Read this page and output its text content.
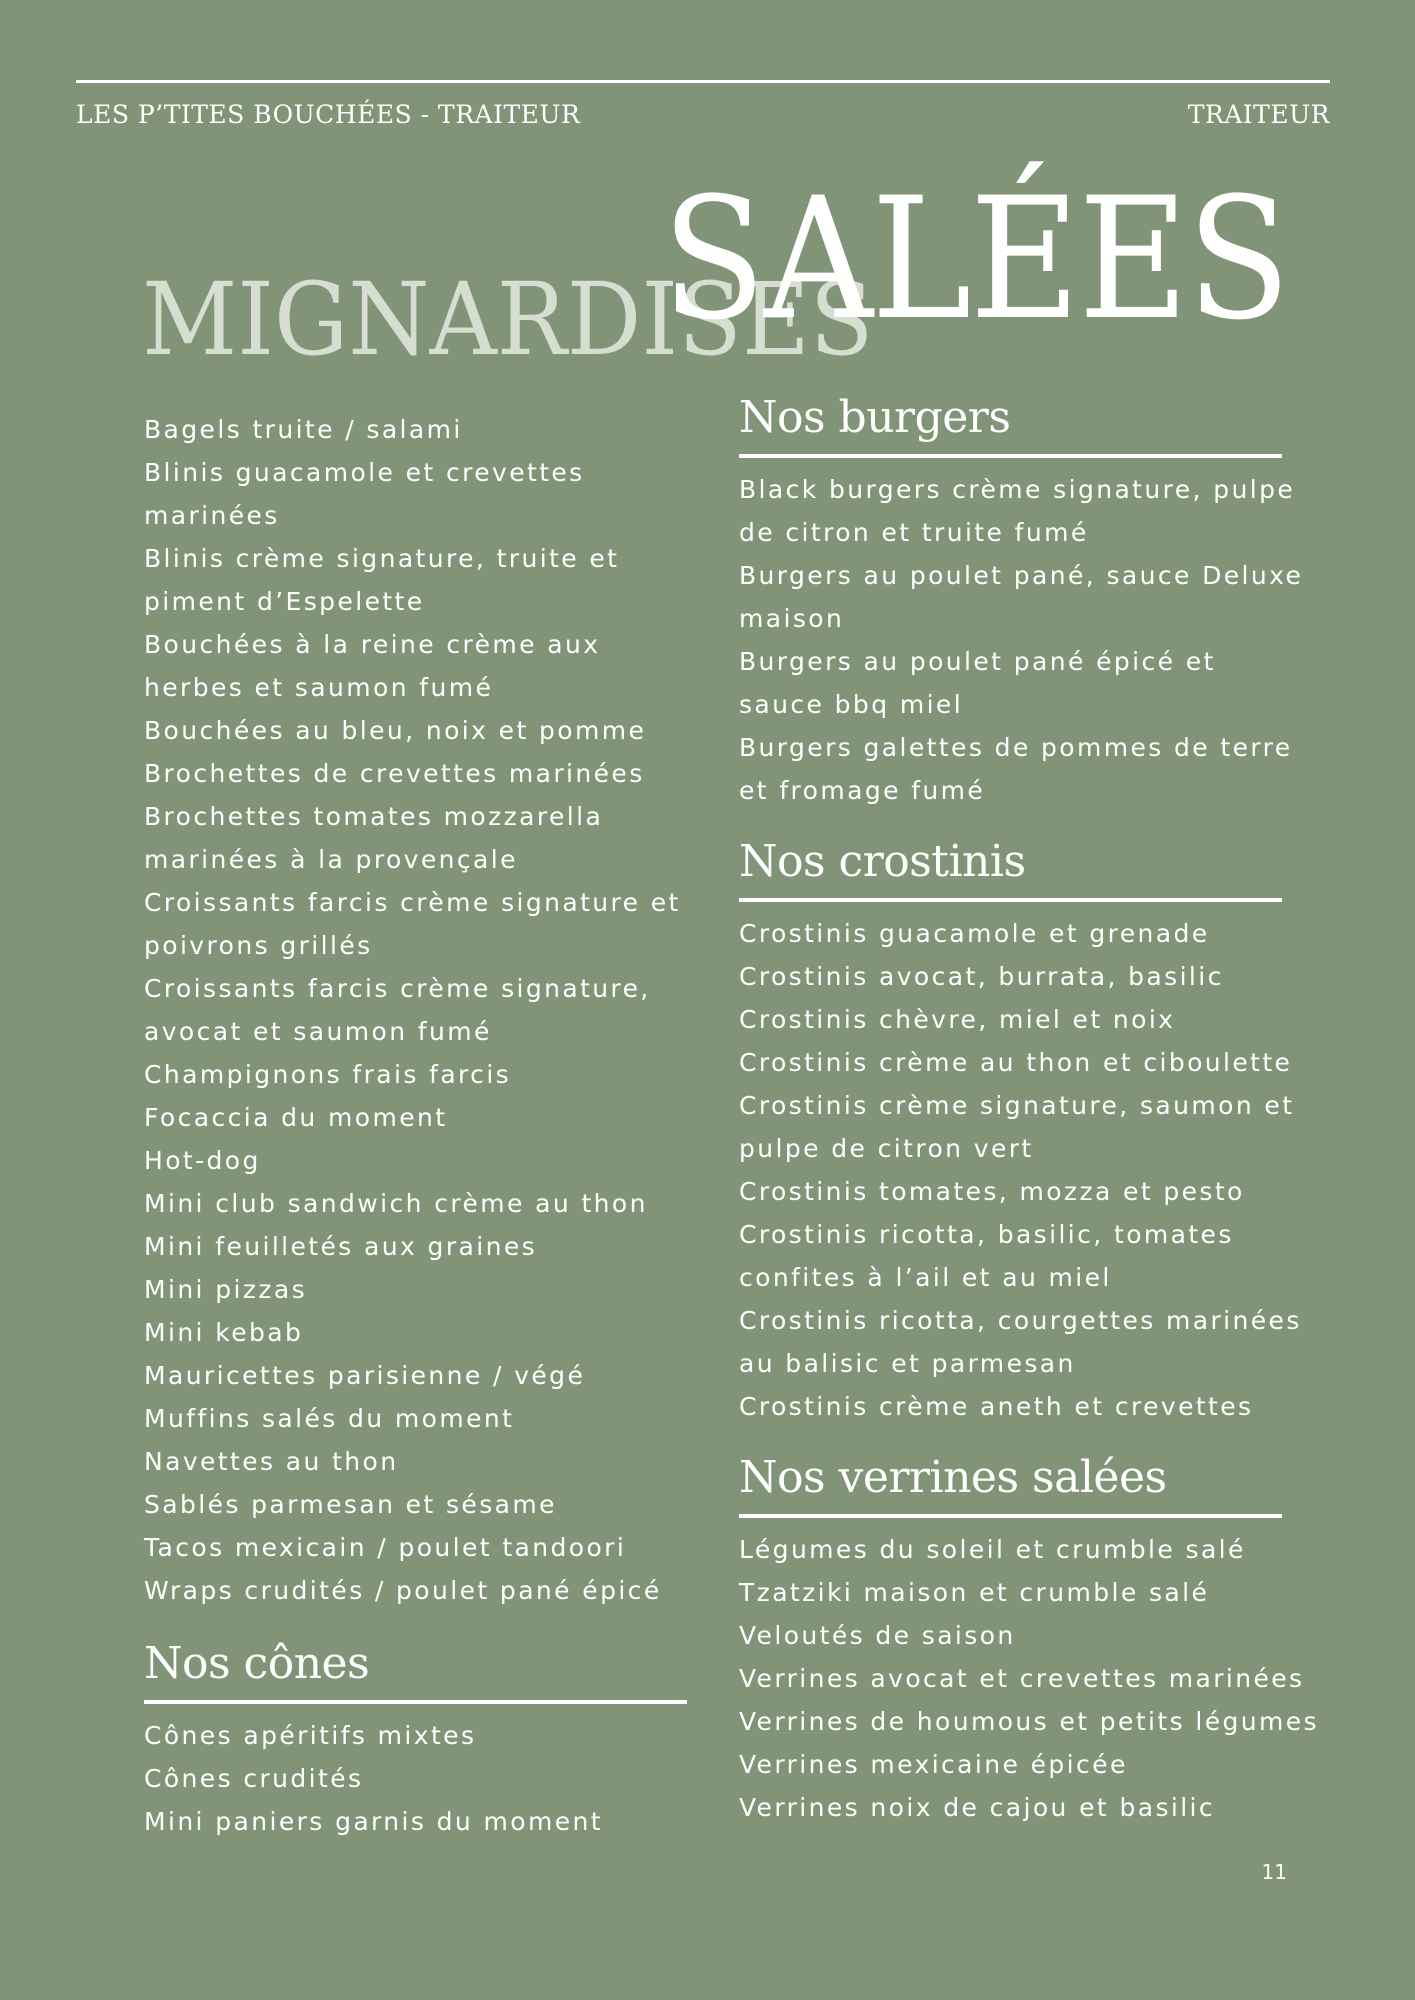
LES P’TITES BOUCHÉES - TRAITEUR	TRAITEUR
MIGNARDISES
SALÉES
Bagels truite / salami
Blinis guacamole et crevettes
marinées
Blinis crème signature, truite et
piment d’Espelette
Bouchées à la reine crème aux
herbes et saumon fumé
Bouchées au bleu, noix et pomme
Brochettes de crevettes marinées
Brochettes tomates mozzarella
marinées à la provençale
Croissants farcis crème signature et
poivrons grillés
Croissants farcis crème signature,
avocat et saumon fumé
Champignons frais farcis
Focaccia du moment
Hot-dog
Mini club sandwich crème au thon
Mini feuilletés aux graines
Mini pizzas
Mini kebab
Mauricettes parisienne / végé
Muffins salés du moment
Navettes au thon
Sablés parmesan et sésame
Tacos mexicain / poulet tandoori
Wraps crudités / poulet pané épicé
Nos cônes
Cônes apéritifs mixtes
Cônes crudités
Mini paniers garnis du moment
Nos burgers
Black burgers crème signature, pulpe
de citron et truite fumé
Burgers au poulet pané, sauce Deluxe
maison
Burgers au poulet pané épicé et
sauce bbq miel
Burgers galettes de pommes de terre
et fromage fumé
Nos crostinis
Crostinis guacamole et grenade
Crostinis avocat, burrata, basilic
Crostinis chèvre, miel et noix
Crostinis crème au thon et ciboulette
Crostinis crème signature, saumon et
pulpe de citron vert
Crostinis tomates, mozza et pesto
Crostinis ricotta, basilic, tomates
confites à l’ail et au miel
Crostinis ricotta, courgettes marinées
au balisic et parmesan
Crostinis crème aneth et crevettes
Nos verrines salées
Légumes du soleil et crumble salé
Tzatziki maison et crumble salé
Veloutés de saison
Verrines avocat et crevettes marinées
Verrines de houmous et petits légumes
Verrines mexicaine épicée
Verrines noix de cajou et basilic
11
